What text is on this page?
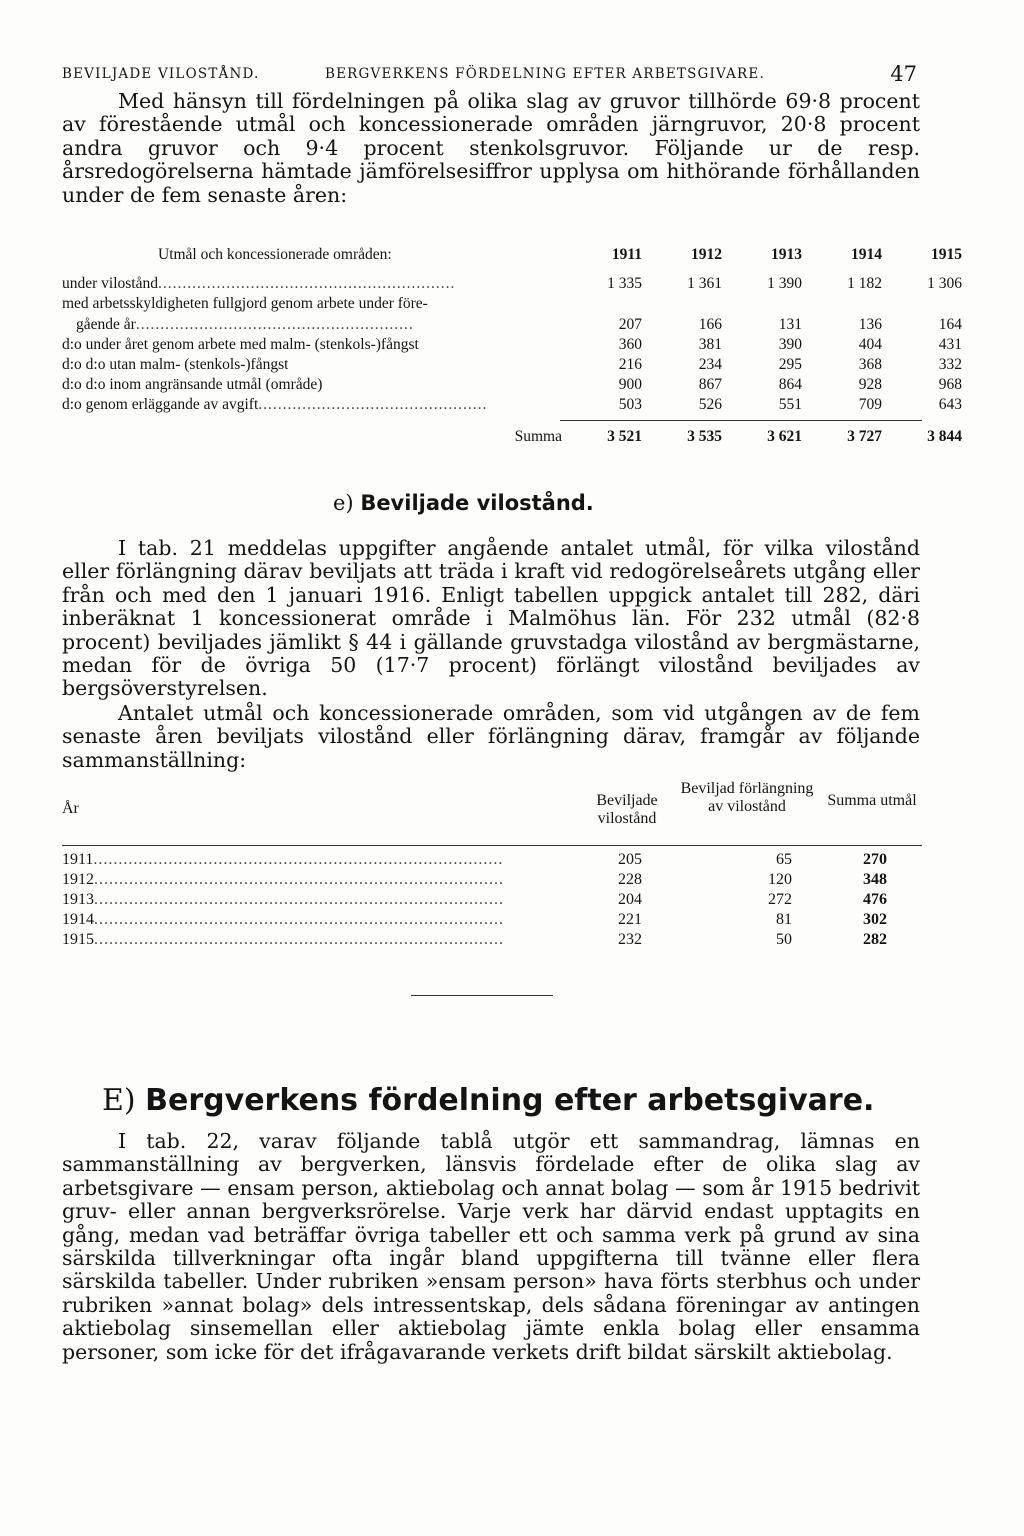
BEVILJADE VILOSTÅND.	BERGVERKENS FÖRDELNING EFTER ARBETSGIVARE.	47

Med hänsyn till fördelningen på olika slag av gruvor tillhörde 69·8 procent av förestående utmål och koncessionerade områden järngruvor, 20·8 procent andra gruvor och 9·4 procent stenkolsgruvor. Följande ur de resp. årsredogörelserna hämtade jämförelsesiffror upplysa om hithörande förhållanden under de fem senaste åren:

Utmål och koncessionerade områden:	1911	1912	1913	1914	1915
under vilostånd.............................................................	1 335	1 361	1 390	1 182	1 306
med arbetsskyldigheten fullgjord genom arbete under före-
gående år.........................................................	207	166	131	136	164
d:o under året genom arbete med malm- (stenkols-)fångst	360	381	390	404	431
d:o d:o utan malm- (stenkols-)fångst	216	234	295	368	332
d:o d:o inom angränsande utmål (område)	900	867	864	928	968
d:o genom erläggande av avgift...............................................	503	526	551	709	643
Summa	3 521	3 535	3 621	3 727	3 844
e) Beviljade vilostånd.

I tab. 21 meddelas uppgifter angående antalet utmål, för vilka vilostånd eller förlängning därav beviljats att träda i kraft vid redogörelseårets utgång eller från och med den 1 januari 1916. Enligt tabellen uppgick antalet till 282, däri inberäknat 1 koncessionerat område i Malmöhus län. För 232 utmål (82·8 procent) beviljades jämlikt § 44 i gällande gruvstadga vilostånd av bergmästarne, medan för de övriga 50 (17·7 procent) förlängt vilostånd beviljades av bergsöverstyrelsen.

Antalet utmål och koncessionerade områden, som vid utgången av de fem senaste åren beviljats vilostånd eller förlängning därav, framgår av följande sammanställning:

År	Beviljade vilostånd
Beviljad förlängning av vilostånd	Summa utmål
1911..................................................................................	205	65	270
1912..................................................................................	228	120	348
1913..................................................................................	204	272	476
1914..................................................................................	221	81	302
1915..................................................................................	232	50	282
E) Bergverkens fördelning efter arbetsgivare.

I tab. 22, varav följande tablå utgör ett sammandrag, lämnas en sammanställning av bergverken, länsvis fördelade efter de olika slag av arbetsgivare — ensam person, aktiebolag och annat bolag — som år 1915 bedrivit gruv- eller annan bergverksrörelse. Varje verk har därvid endast upptagits en gång, medan vad beträffar övriga tabeller ett och samma verk på grund av sina särskilda tillverkningar ofta ingår bland uppgifterna till tvänne eller flera särskilda tabeller. Under rubriken »ensam person» hava förts sterbhus och under rubriken »annat bolag» dels intressentskap, dels sådana föreningar av antingen aktiebolag sinsemellan eller aktiebolag jämte enkla bolag eller ensamma personer, som icke för det ifrågavarande verkets drift bildat särskilt aktiebolag.
